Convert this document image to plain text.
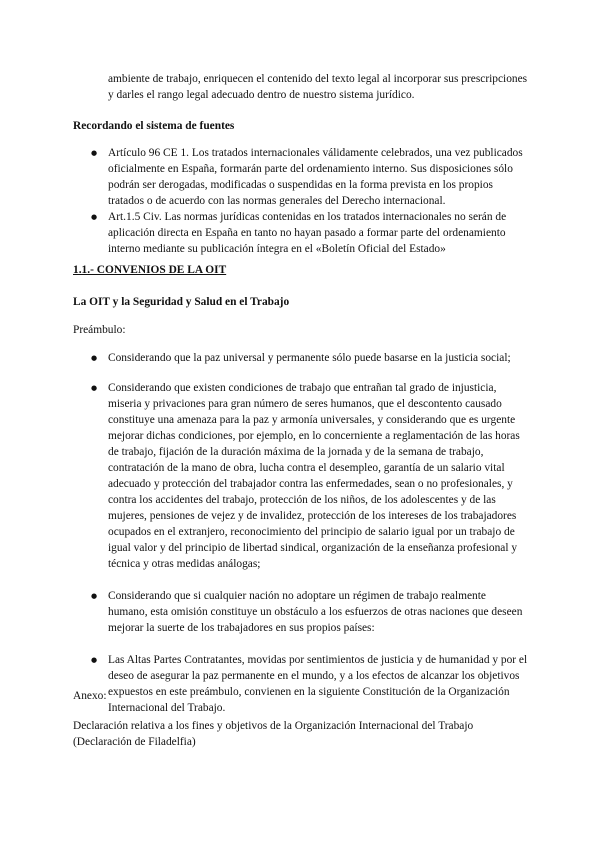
ambiente de trabajo, enriquecen el contenido del texto legal al incorporar sus prescripciones y darles el rango legal adecuado dentro de nuestro sistema jurídico.

Recordando el sistema de fuentes

● Artículo 96 CE 1. Los tratados internacionales válidamente celebrados, una vez publicados oficialmente en España, formarán parte del ordenamiento interno. Sus disposiciones sólo podrán ser derogadas, modificadas o suspendidas en la forma prevista en los propios tratados o de acuerdo con las normas generales del Derecho internacional.
● Art.1.5 Civ. Las normas jurídicas contenidas en los tratados internacionales no serán de aplicación directa en España en tanto no hayan pasado a formar parte del ordenamiento interno mediante su publicación íntegra en el «Boletín Oficial del Estado»

1.1.- CONVENIOS DE LA OIT

La OIT y la Seguridad y Salud en el Trabajo

Preámbulo:

● Considerando que la paz universal y permanente sólo puede basarse en la justicia social;
● Considerando que existen condiciones de trabajo que entrañan tal grado de injusticia, miseria y privaciones para gran número de seres humanos, que el descontento causado constituye una amenaza para la paz y armonía universales, y considerando que es urgente mejorar dichas condiciones, por ejemplo, en lo concerniente a reglamentación de las horas de trabajo, fijación de la duración máxima de la jornada y de la semana de trabajo, contratación de la mano de obra, lucha contra el desempleo, garantía de un salario vital adecuado y protección del trabajador contra las enfermedades, sean o no profesionales, y contra los accidentes del trabajo, protección de los niños, de los adolescentes y de las mujeres, pensiones de vejez y de invalidez, protección de los intereses de los trabajadores ocupados en el extranjero, reconocimiento del principio de salario igual por un trabajo de igual valor y del principio de libertad sindical, organización de la enseñanza profesional y técnica y otras medidas análogas;
● Considerando que si cualquier nación no adoptare un régimen de trabajo realmente humano, esta omisión constituye un obstáculo a los esfuerzos de otras naciones que deseen mejorar la suerte de los trabajadores en sus propios países:
● Las Altas Partes Contratantes, movidas por sentimientos de justicia y de humanidad y por el deseo de asegurar la paz permanente en el mundo, y a los efectos de alcanzar los objetivos expuestos en este preámbulo, convienen en la siguiente Constitución de la Organización Internacional del Trabajo.

Anexo:

Declaración relativa a los fines y objetivos de la Organización Internacional del Trabajo (Declaración de Filadelfia)
